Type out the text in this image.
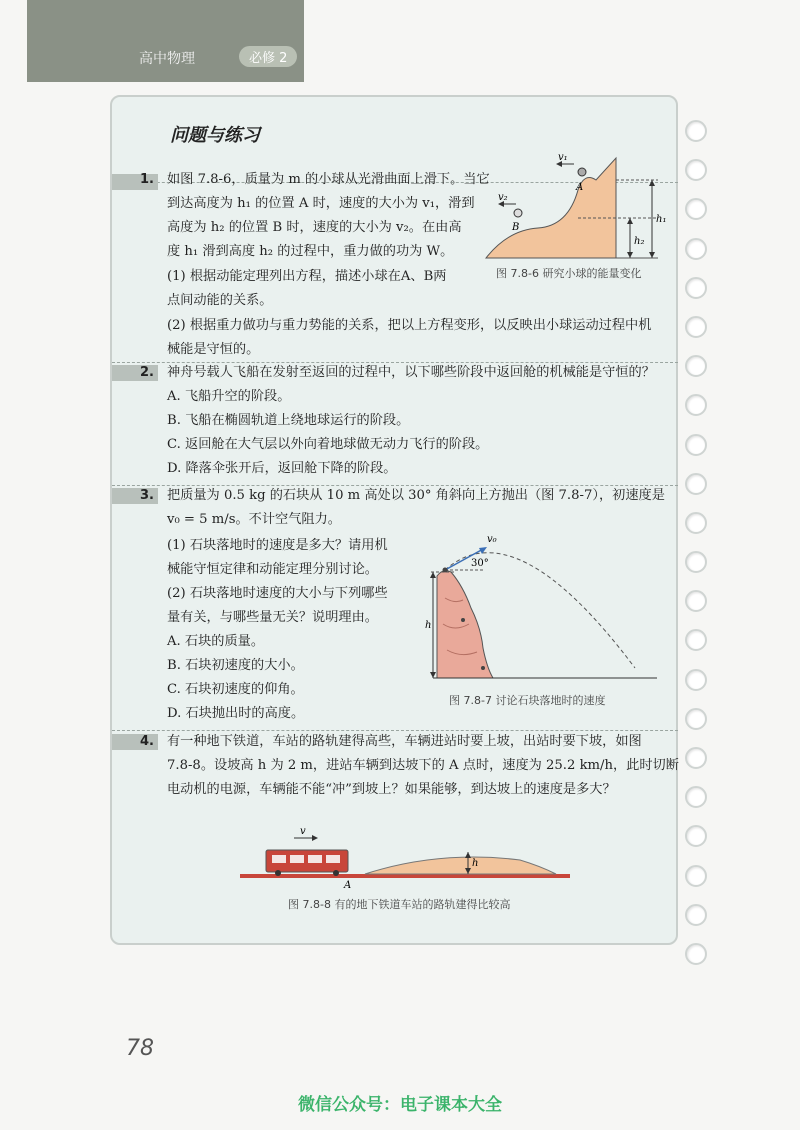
高中物理	必修 2
问题与练习
1. 如图 7.8-6，质量为 m 的小球从光滑曲面上滑下。当它
到达高度为 h₁ 的位置 A 时，速度的大小为 v₁，滑到
高度为 h₂ 的位置 B 时，速度的大小为 v₂。在由高
度 h₁ 滑到高度 h₂ 的过程中，重力做的功为 W。
(1) 根据动能定理列出方程，描述小球在A、B两
点间动能的关系。
(2) 根据重力做功与重力势能的关系，把以上方程变形，以反映出小球运动过程中机
械能是守恒的。
v₁
A
v₂
B
h₁
h₂
图 7.8-6 研究小球的能量变化
2. 神舟号载人飞船在发射至返回的过程中，以下哪些阶段中返回舱的机械能是守恒的？
A. 飞船升空的阶段。
B. 飞船在椭圆轨道上绕地球运行的阶段。
C. 返回舱在大气层以外向着地球做无动力飞行的阶段。
D. 降落伞张开后，返回舱下降的阶段。
3. 把质量为 0.5 kg 的石块从 10 m 高处以 30° 角斜向上方抛出（图 7.8-7），初速度是
v₀ = 5 m/s。不计空气阻力。
(1) 石块落地时的速度是多大？请用机
械能守恒定律和动能定理分别讨论。
(2) 石块落地时速度的大小与下列哪些
量有关，与哪些量无关？说明理由。
A. 石块的质量。
B. 石块初速度的大小。
C. 石块初速度的仰角。
D. 石块抛出时的高度。
v₀
30°
h
图 7.8-7 讨论石块落地时的速度
4. 有一种地下铁道，车站的路轨建得高些，车辆进站时要上坡，出站时要下坡，如图
7.8-8。设坡高 h 为 2 m，进站车辆到达坡下的 A 点时，速度为 25.2 km/h，此时切断
电动机的电源，车辆能不能“冲”到坡上？如果能够，到达坡上的速度是多大？
v
h
A
图 7.8-8 有的地下铁道车站的路轨建得比较高
78
微信公众号：电子课本大全
